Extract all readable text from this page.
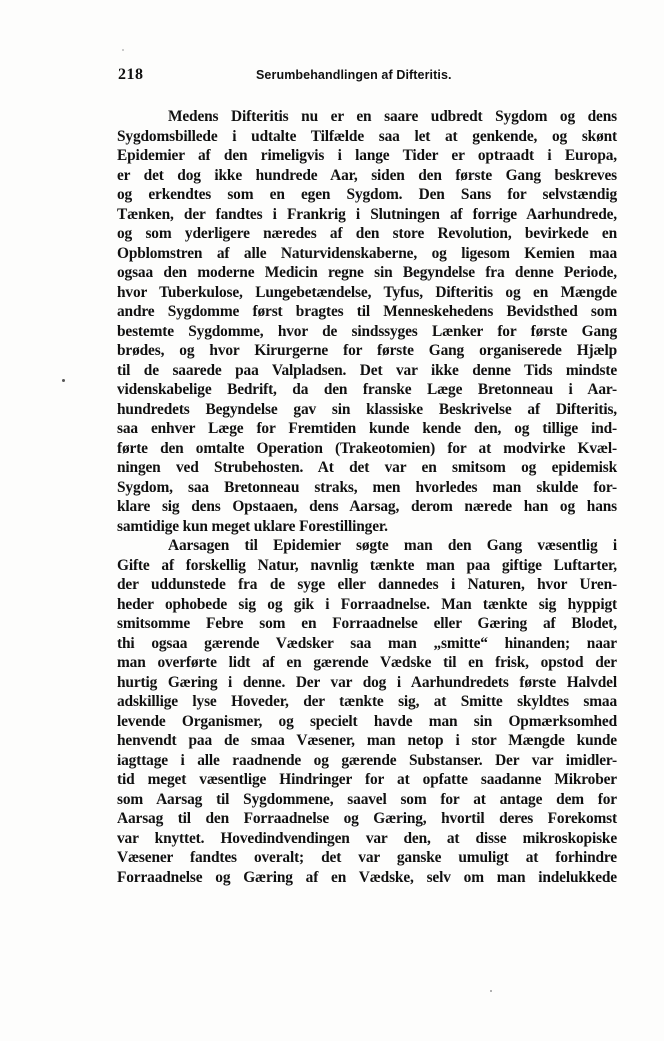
218	Serumbehandlingen af Difteritis.
Medens Difteritis nu er en saare udbredt Sygdom og dens
Sygdomsbillede i udtalte Tilfælde saa let at genkende, og skønt
Epidemier af den rimeligvis i lange Tider er optraadt i Europa,
er det dog ikke hundrede Aar, siden den første Gang beskreves
og erkendtes som en egen Sygdom. Den Sans for selvstændig
Tænken, der fandtes i Frankrig i Slutningen af forrige Aarhundrede,
og som yderligere næredes af den store Revolution, bevirkede en
Opblomstren af alle Naturvidenskaberne, og ligesom Kemien maa
ogsaa den moderne Medicin regne sin Begyndelse fra denne Periode,
hvor Tuberkulose, Lungebetændelse, Tyfus, Difteritis og en Mængde
andre Sygdomme først bragtes til Menneskehedens Bevidsthed som
bestemte Sygdomme, hvor de sindssyges Lænker for første Gang
brødes, og hvor Kirurgerne for første Gang organiserede Hjælp
til de saarede paa Valpladsen. Det var ikke denne Tids mindste
videnskabelige Bedrift, da den franske Læge Bretonneau i Aar-
hundredets Begyndelse gav sin klassiske Beskrivelse af Difteritis,
saa enhver Læge for Fremtiden kunde kende den, og tillige ind-
førte den omtalte Operation (Trakeotomien) for at modvirke Kvæl-
ningen ved Strubehosten. At det var en smitsom og epidemisk
Sygdom, saa Bretonneau straks, men hvorledes man skulde for-
klare sig dens Opstaaen, dens Aarsag, derom nærede han og hans
samtidige kun meget uklare Forestillinger.
Aarsagen til Epidemier søgte man den Gang væsentlig i
Gifte af forskellig Natur, navnlig tænkte man paa giftige Luftarter,
der uddunstede fra de syge eller dannedes i Naturen, hvor Uren-
heder ophobede sig og gik i Forraadnelse. Man tænkte sig hyppigt
smitsomme Febre som en Forraadnelse eller Gæring af Blodet,
thi ogsaa gærende Vædsker saa man „smitte“ hinanden; naar
man overførte lidt af en gærende Vædske til en frisk, opstod der
hurtig Gæring i denne. Der var dog i Aarhundredets første Halvdel
adskillige lyse Hoveder, der tænkte sig, at Smitte skyldtes smaa
levende Organismer, og specielt havde man sin Opmærksomhed
henvendt paa de smaa Væsener, man netop i stor Mængde kunde
iagttage i alle raadnende og gærende Substanser. Der var imidler-
tid meget væsentlige Hindringer for at opfatte saadanne Mikrober
som Aarsag til Sygdommene, saavel som for at antage dem for
Aarsag til den Forraadnelse og Gæring, hvortil deres Forekomst
var knyttet. Hovedindvendingen var den, at disse mikroskopiske
Væsener fandtes overalt; det var ganske umuligt at forhindre
Forraadnelse og Gæring af en Vædske, selv om man indelukkede
